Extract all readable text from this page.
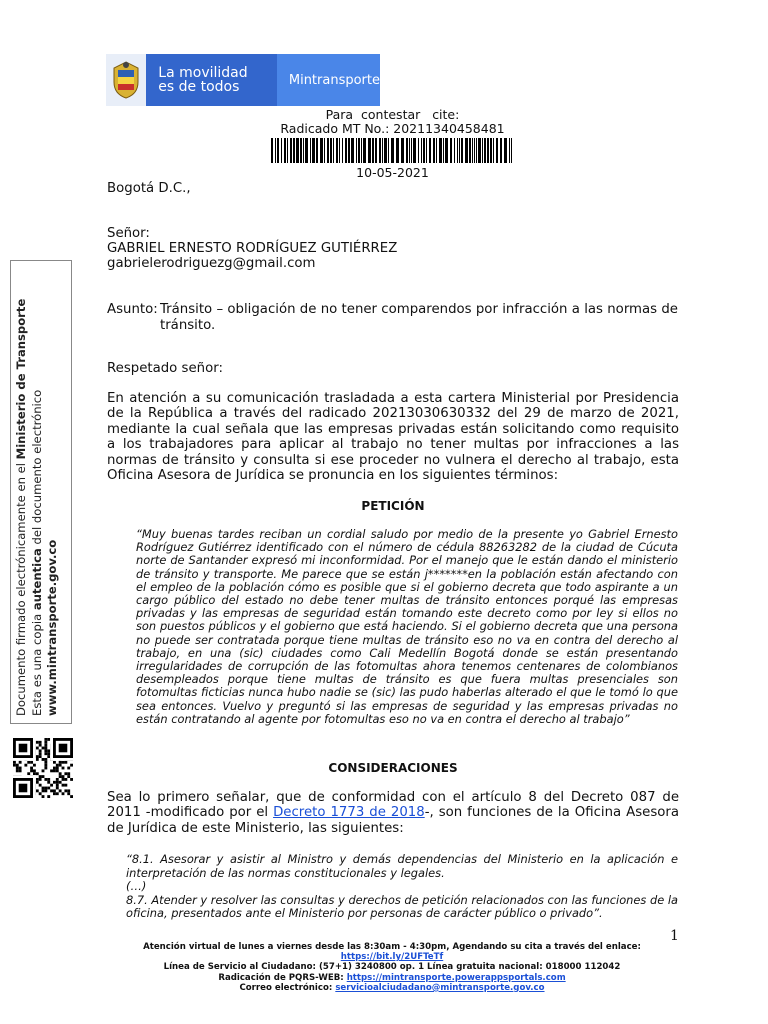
La movilidad
es de todos	Mintransporte
Para  contestar   cite:
Radicado MT No.: 20211340458481
10-05-2021
Bogotá D.C.,
Señor:
GABRIEL ERNESTO RODRÍGUEZ GUTIÉRREZ
gabrielerodriguezg@gmail.com
Asunto: Tránsito – obligación de no tener comparendos por infracción a las normas de tránsito.
Respetado señor:
En atención a su comunicación trasladada a esta cartera Ministerial por Presidencia de la República a través del radicado 20213030630332 del 29 de marzo de 2021, mediante la cual señala que las empresas privadas están solicitando como requisito a los trabajadores para aplicar al trabajo no tener multas por infracciones a las normas de tránsito y consulta si ese proceder no vulnera el derecho al trabajo, esta Oficina Asesora de Jurídica se pronuncia en los siguientes términos:
PETICIÓN
“Muy buenas tardes reciban un cordial saludo por medio de la presente yo Gabriel Ernesto Rodríguez Gutiérrez identificado con el número de cédula 88263282 de la ciudad de Cúcuta norte de Santander expresó mi inconformidad. Por el manejo que le están dando el ministerio de tránsito y transporte. Me parece que se están j*******en la población están afectando con el empleo de la población cómo es posible que si el gobierno decreta que todo aspirante a un cargo público del estado no debe tener multas de tránsito entonces porqué las empresas privadas y las empresas de seguridad están tomando este decreto como por ley si ellos no son puestos públicos y el gobierno que está haciendo. Si el gobierno decreta que una persona no puede ser contratada porque tiene multas de tránsito eso no va en contra del derecho al trabajo, en una (sic) ciudades como Cali Medellín Bogotá donde se están presentando irregularidades de corrupción de las fotomultas ahora tenemos centenares de colombianos desempleados porque tiene multas de tránsito es que fuera multas presenciales son fotomultas ficticias nunca hubo nadie se (sic) las pudo haberlas alterado el que le tomó lo que sea entonces. Vuelvo y preguntó si las empresas de seguridad y las empresas privadas no están contratando al agente por fotomultas eso no va en contra el derecho al trabajo”
CONSIDERACIONES
Sea lo primero señalar, que de conformidad con el artículo 8 del Decreto 087 de 2011 -modificado por el Decreto 1773 de 2018-, son funciones de la Oficina Asesora de Jurídica de este Ministerio, las siguientes:
“8.1. Asesorar y asistir al Ministro y demás dependencias del Ministerio en la aplicación e interpretación de las normas constitucionales y legales.
(…)
8.7. Atender y resolver las consultas y derechos de petición relacionados con las funciones de la oficina, presentados ante el Ministerio por personas de carácter público o privado”.
Documento firmado electrónicamente en el Ministerio de Transporte
Esta es una copia autentica del documento electrónico
www.mintransporte.gov.co
1
Atención virtual de lunes a viernes desde las 8:30am - 4:30pm, Agendando su cita a través del enlace:
https://bit.ly/2UFTeTf
Línea de Servicio al Ciudadano: (57+1) 3240800 op. 1 Línea gratuita nacional: 018000 112042
Radicación de PQRS-WEB: https://mintransporte.powerappsportals.com
Correo electrónico: servicioalciudadano@mintransporte.gov.co
